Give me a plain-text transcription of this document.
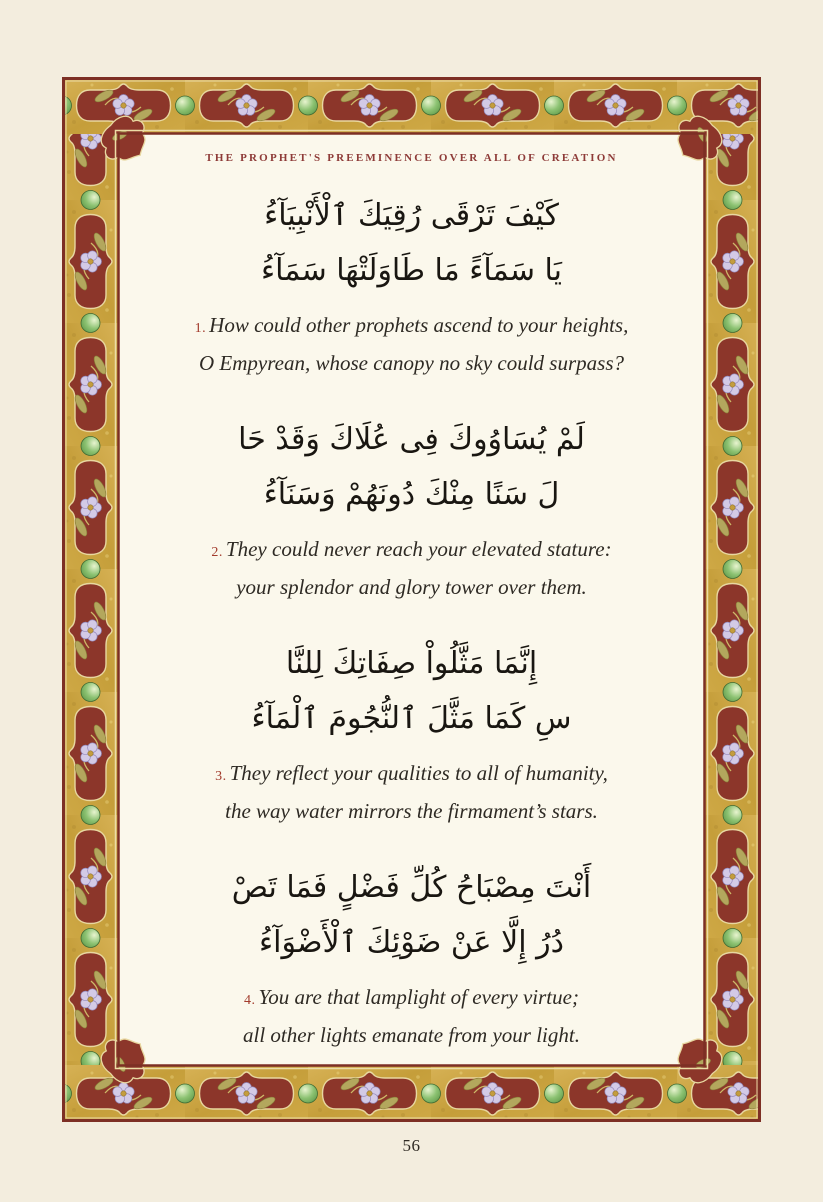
THE PROPHET'S PREEMINENCE OVER ALL OF CREATION
كَيْفَ تَرْقَى رُقِيَكَ ٱلْأَنْبِيَآءُ
يَا سَمَآءً مَا طَاوَلَتْهَا سَمَآءُ
1. How could other prophets ascend to your heights,
O Empyrean, whose canopy no sky could surpass?
لَمْ يُسَاوُوكَ فِى عُلَاكَ وَقَدْ حَا
لَ سَنًا مِنْكَ دُونَهُمْ وَسَنَآءُ
2. They could never reach your elevated stature:
your splendor and glory tower over them.
إِنَّمَا مَثَّلُواْ صِفَاتِكَ لِلنَّا
سِ كَمَا مَثَّلَ ٱلنُّجُومَ ٱلْمَآءُ
3. They reflect your qualities to all of humanity,
the way water mirrors the firmament’s stars.
أَنْتَ مِصْبَاحُ كُلِّ فَضْلٍ فَمَا تَصْ
دُرُ إِلَّا عَنْ ضَوْئِكَ ٱلْأَضْوَآءُ
4. You are that lamplight of every virtue;
all other lights emanate from your light.
56
